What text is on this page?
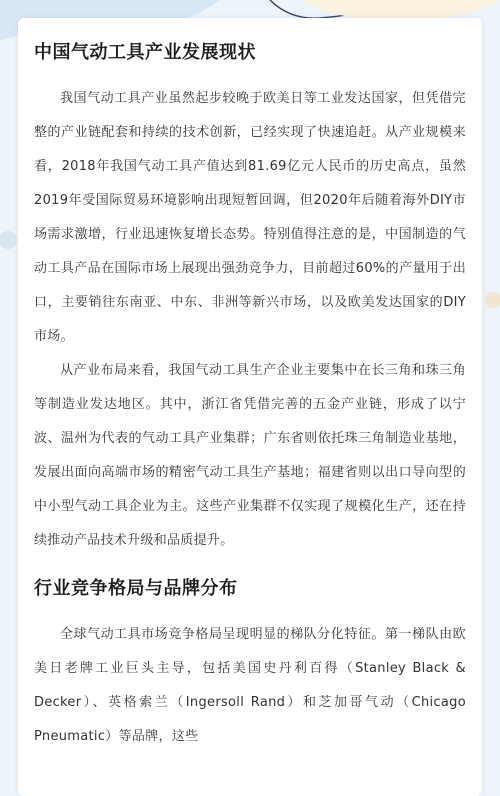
中国气动工具产业发展现状

我国气动工具产业虽然起步较晚于欧美日等工业发达国家，但凭借完整的产业链配套和持续的技术创新，已经实现了快速追赶。从产业规模来看，2018年我国气动工具产值达到81.69亿元人民币的历史高点，虽然2019年受国际贸易环境影响出现短暂回调，但2020年后随着海外DIY市场需求激增，行业迅速恢复增长态势。特别值得注意的是，中国制造的气动工具产品在国际市场上展现出强劲竞争力，目前超过60%的产量用于出口，主要销往东南亚、中东、非洲等新兴市场，以及欧美发达国家的DIY市场。

从产业布局来看，我国气动工具生产企业主要集中在长三角和珠三角等制造业发达地区。其中，浙江省凭借完善的五金产业链，形成了以宁波、温州为代表的气动工具产业集群；广东省则依托珠三角制造业基地，发展出面向高端市场的精密气动工具生产基地；福建省则以出口导向型的中小型气动工具企业为主。这些产业集群不仅实现了规模化生产，还在持续推动产品技术升级和品质提升。

行业竞争格局与品牌分布

全球气动工具市场竞争格局呈现明显的梯队分化特征。第一梯队由欧美日老牌工业巨头主导，包括美国史丹利百得（Stanley Black & Decker）、英格索兰（Ingersoll Rand）和芝加哥气动（Chicago Pneumatic）等品牌，这些
